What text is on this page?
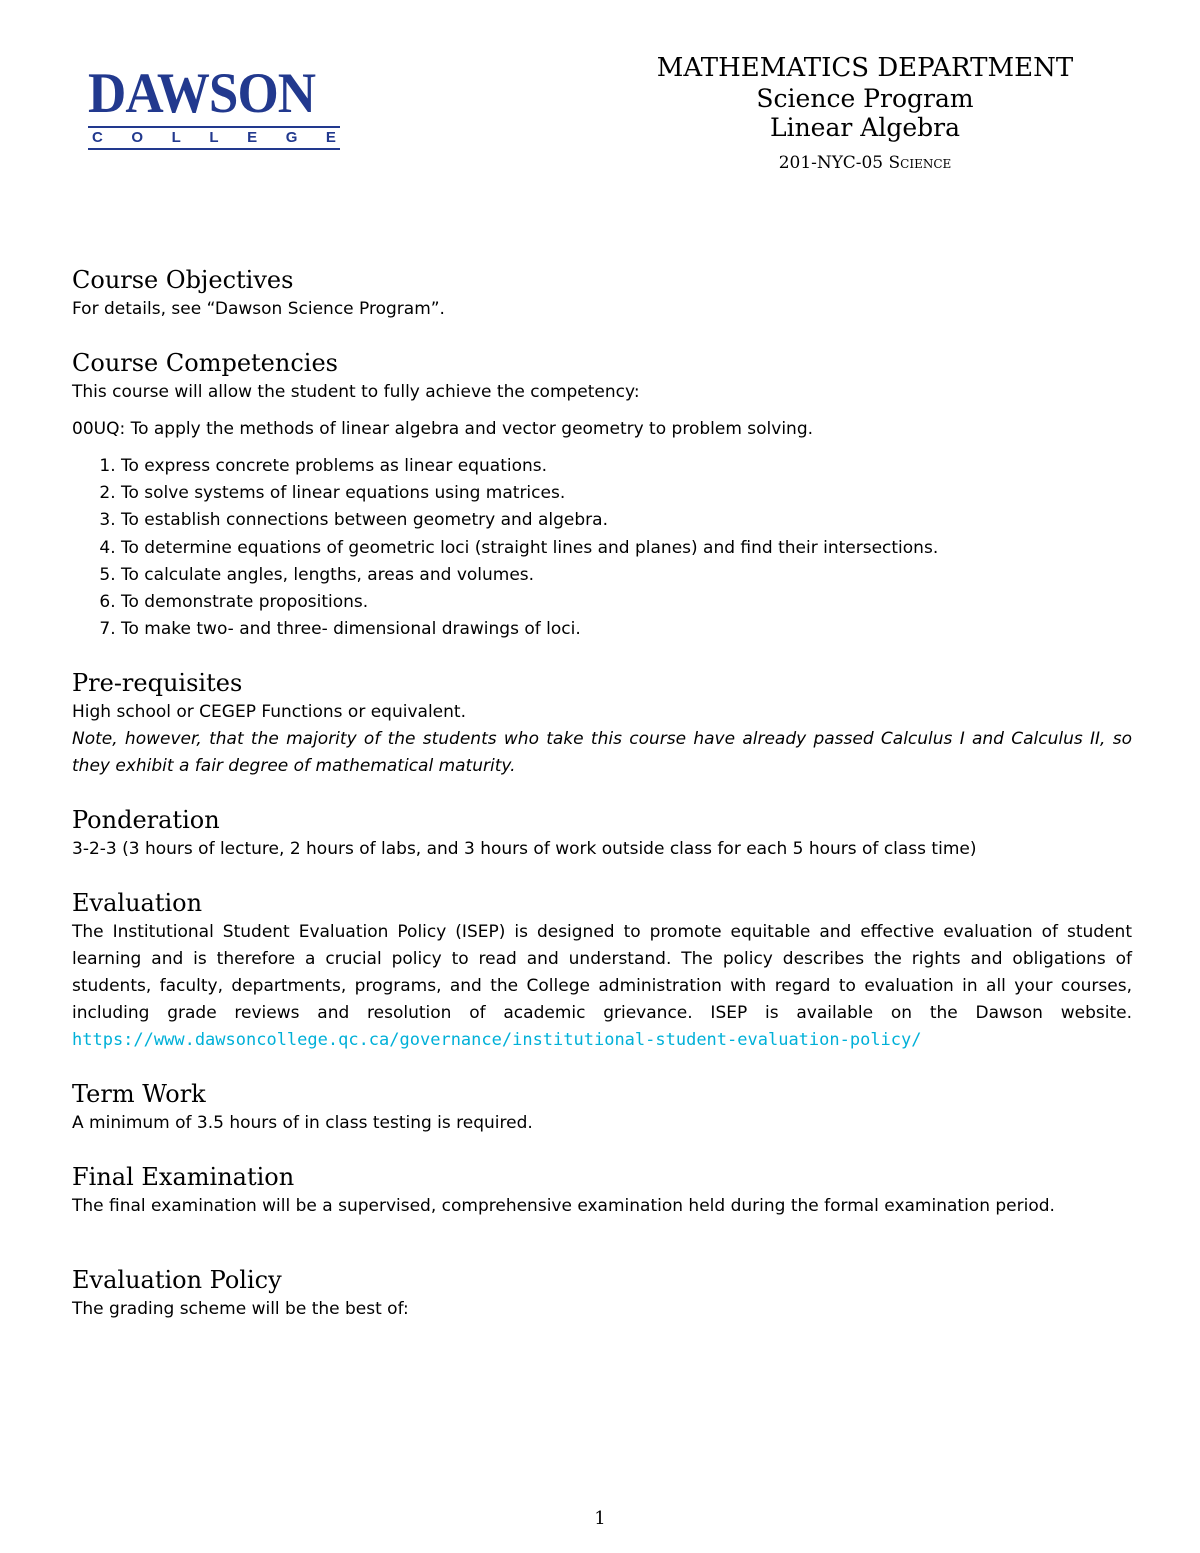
DAWSON
C O L L E G E
MATHEMATICS DEPARTMENT
Science Program
Linear Algebra
201-NYC-05 Science
Course Objectives

For details, see “Dawson Science Program”.

Course Competencies

This course will allow the student to fully achieve the competency:

00UQ: To apply the methods of linear algebra and vector geometry to problem solving.

1. To express concrete problems as linear equations.
2. To solve systems of linear equations using matrices.
3. To establish connections between geometry and algebra.
4. To determine equations of geometric loci (straight lines and planes) and find their intersections.
5. To calculate angles, lengths, areas and volumes.
6. To demonstrate propositions.
7. To make two- and three- dimensional drawings of loci.
Pre-requisites

High school or CEGEP Functions or equivalent.

Note, however, that the majority of the students who take this course have already passed Calculus I and Calculus II, so they exhibit a fair degree of mathematical maturity.

Ponderation

3-2-3 (3 hours of lecture, 2 hours of labs, and 3 hours of work outside class for each 5 hours of class time)

Evaluation

The Institutional Student Evaluation Policy (ISEP) is designed to promote equitable and effective evaluation of student learning and is therefore a crucial policy to read and understand. The policy describes the rights and obligations of students, faculty, departments, programs, and the College administration with regard to evaluation in all your courses, including grade reviews and resolution of academic grievance. ISEP is available on the Dawson website. https://www.dawsoncollege.qc.ca/governance/institutional-student-evaluation-policy/

Term Work

A minimum of 3.5 hours of in class testing is required.

Final Examination

The final examination will be a supervised, comprehensive examination held during the formal examination period.

Evaluation Policy

The grading scheme will be the best of:

1
